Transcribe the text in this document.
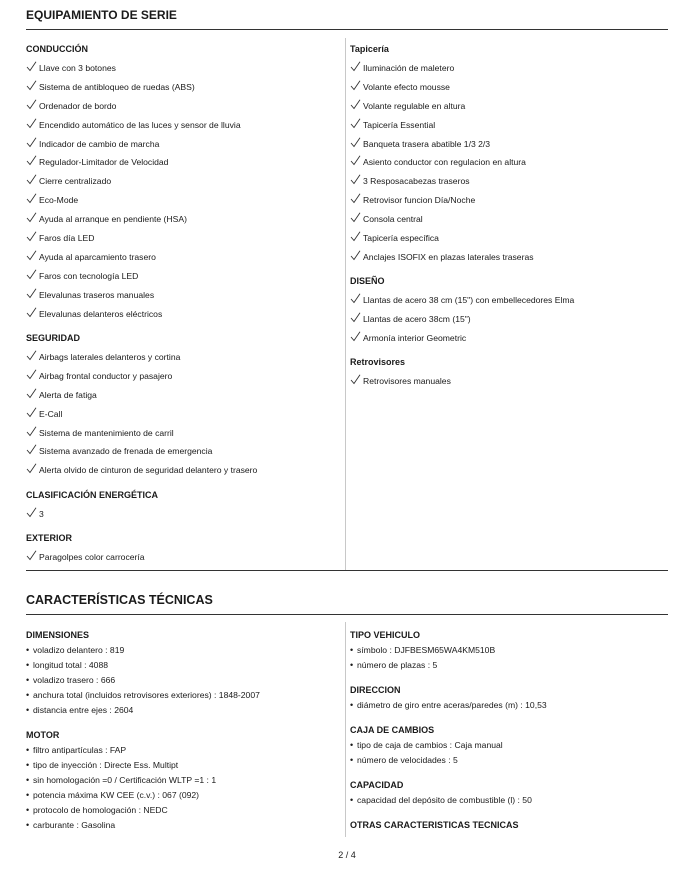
EQUIPAMIENTO DE SERIE
CONDUCCIÓN
Llave con 3 botones
Sistema de antibloqueo de ruedas (ABS)
Ordenador de bordo
Encendido automático de las luces y sensor de lluvia
Indicador de cambio de marcha
Regulador-Limitador de Velocidad
Cierre centralizado
Eco-Mode
Ayuda al arranque en pendiente (HSA)
Faros día LED
Ayuda al aparcamiento trasero
Faros con tecnología LED
Elevalunas traseros manuales
Elevalunas delanteros eléctricos
SEGURIDAD
Airbags laterales delanteros y cortina
Airbag frontal conductor y pasajero
Alerta de fatiga
E-Call
Sistema de mantenimiento de carril
Sistema avanzado de frenada de emergencia
Alerta olvido de cinturon de seguridad delantero y trasero
CLASIFICACIÓN ENERGÉTICA
3
EXTERIOR
Paragolpes color carrocería
Tapicería
Iluminación de maletero
Volante efecto mousse
Volante regulable en altura
Tapicería Essential
Banqueta trasera abatible 1/3 2/3
Asiento conductor con regulacion en altura
3 Resposacabezas traseros
Retrovisor funcion Día/Noche
Consola central
Tapicería específica
Anclajes ISOFIX en plazas laterales traseras
DISEÑO
Llantas de acero 38 cm (15") con embellecedores Elma
Llantas de acero 38cm (15")
Armonía interior Geometric
Retrovisores
Retrovisores manuales
CARACTERÍSTICAS TÉCNICAS
DIMENSIONES
• voladizo delantero : 819
• longitud total : 4088
• voladizo trasero : 666
• anchura total (incluidos retrovisores exteriores) : 1848-2007
• distancia entre ejes : 2604
MOTOR
• filtro antipartículas : FAP
• tipo de inyección : Directe Ess. Multipt
• sin homologación =0 / Certificación WLTP =1 : 1
• potencia máxima KW CEE (c.v.) : 067 (092)
• protocolo de homologación : NEDC
• carburante : Gasolina
TIPO VEHICULO
• símbolo : DJFBESM65WA4KM510B
• número de plazas : 5
DIRECCION
• diámetro de giro entre aceras/paredes (m) : 10,53
CAJA DE CAMBIOS
• tipo de caja de cambios : Caja manual
• número de velocidades : 5
CAPACIDAD
• capacidad del depósito de combustible (l) : 50
OTRAS CARACTERISTICAS TECNICAS
2 / 4
